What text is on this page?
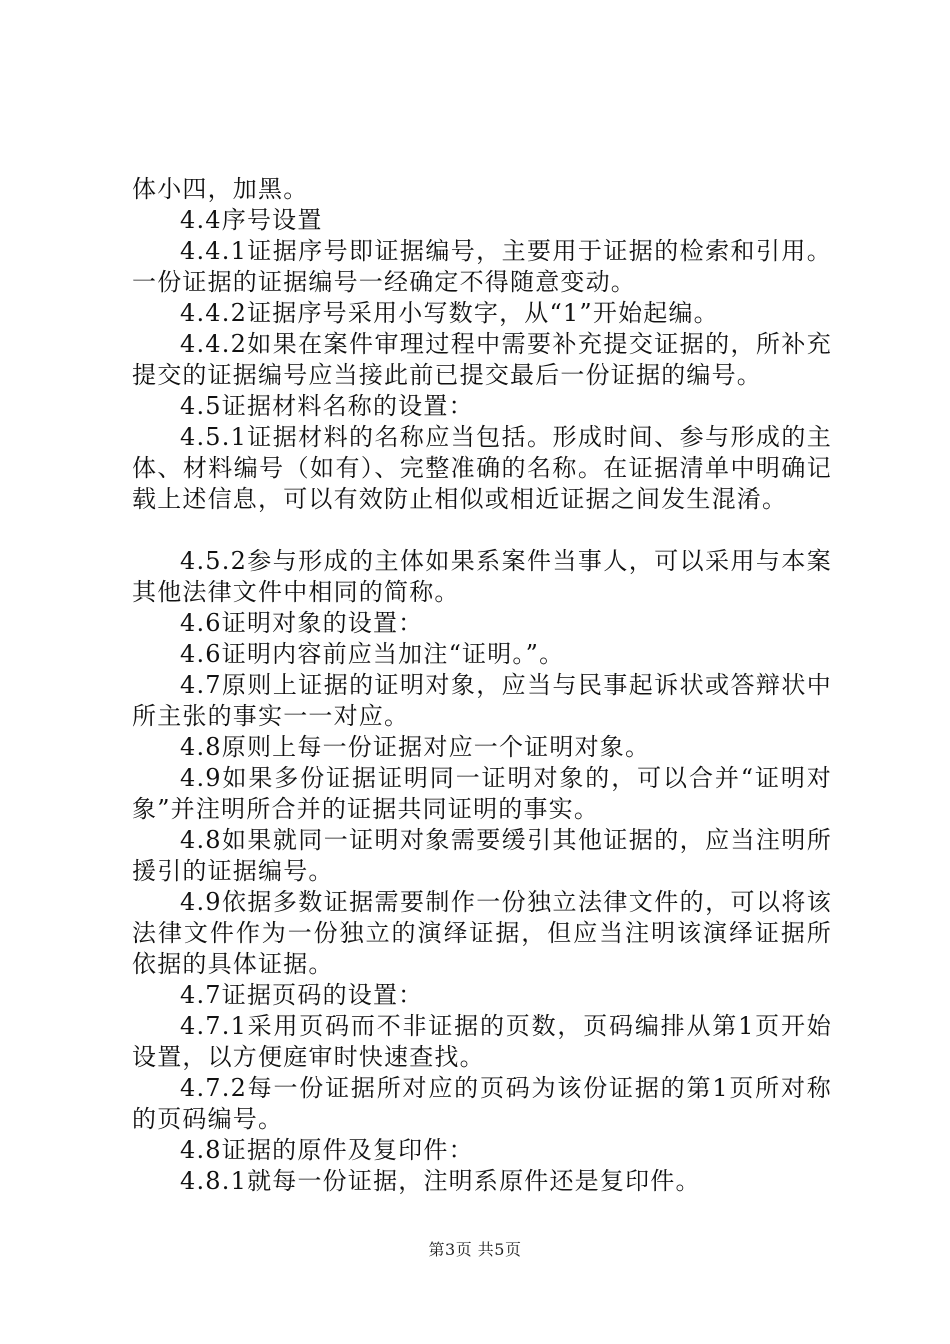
体小四，加黑。

4.4序号设置

4.4.1证据序号即证据编号，主要用于证据的检索和引用。一份证据的证据编号一经确定不得随意变动。

4.4.2证据序号采用小写数字，从“1”开始起编。

4.4.2如果在案件审理过程中需要补充提交证据的，所补充提交的证据编号应当接此前已提交最后一份证据的编号。

4.5证据材料名称的设置：

4.5.1证据材料的名称应当包括。形成时间、参与形成的主体、材料编号（如有）、完整准确的名称。在证据清单中明确记载上述信息，可以有效防止相似或相近证据之间发生混淆。

4.5.2参与形成的主体如果系案件当事人，可以采用与本案其他法律文件中相同的简称。

4.6证明对象的设置：

4.6证明内容前应当加注“证明。”。

4.7原则上证据的证明对象，应当与民事起诉状或答辩状中所主张的事实一一对应。

4.8原则上每一份证据对应一个证明对象。

4.9如果多份证据证明同一证明对象的，可以合并“证明对象”并注明所合并的证据共同证明的事实。

4.8如果就同一证明对象需要缓引其他证据的，应当注明所援引的证据编号。

4.9依据多数证据需要制作一份独立法律文件的，可以将该法律文件作为一份独立的演绎证据，但应当注明该演绎证据所依据的具体证据。

4.7证据页码的设置：

4.7.1采用页码而不非证据的页数，页码编排从第1页开始设置，以方便庭审时快速查找。

4.7.2每一份证据所对应的页码为该份证据的第1页所对称的页码编号。

4.8证据的原件及复印件：

4.8.1就每一份证据，注明系原件还是复印件。

第3页 共5页
